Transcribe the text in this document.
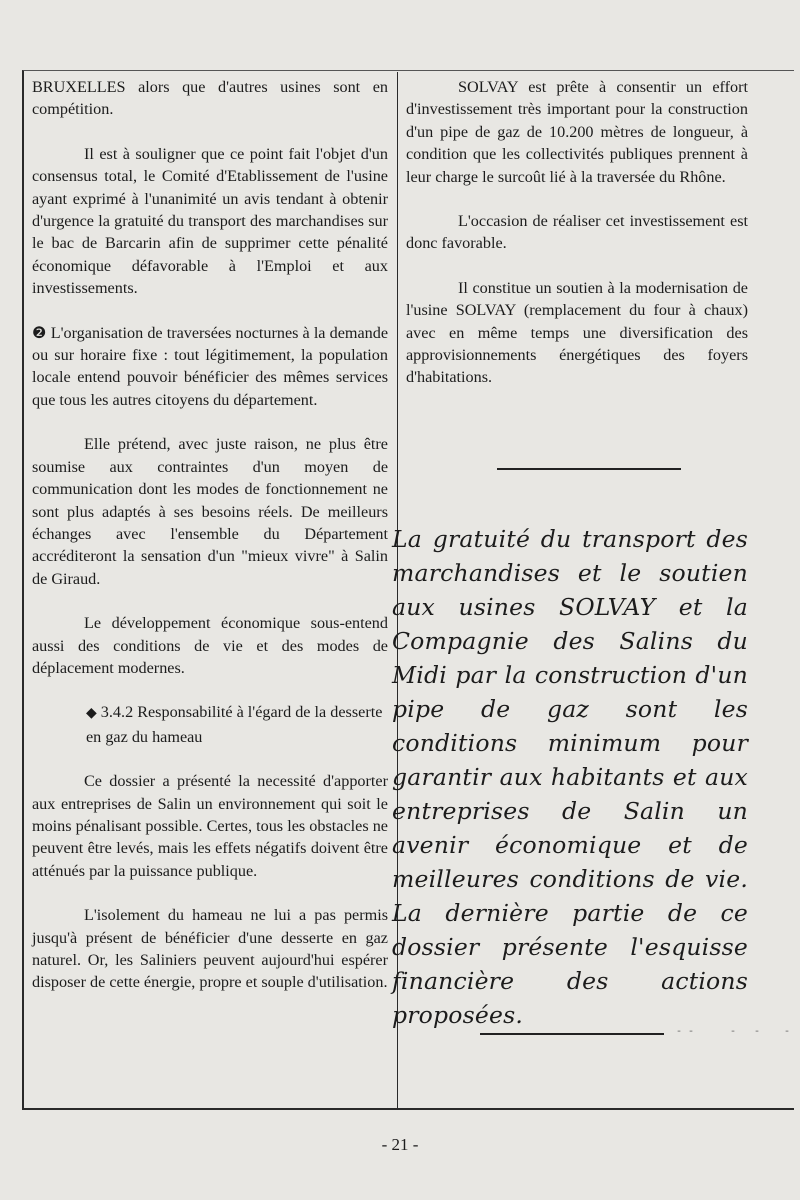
BRUXELLES alors que d'autres usines sont en compétition.

Il est à souligner que ce point fait l'objet d'un consensus total, le Comité d'Etablissement de l'usine ayant exprimé à l'unanimité un avis tendant à obtenir d'urgence la gratuité du transport des marchandises sur le bac de Barcarin afin de supprimer cette pénalité économique défavorable à l'Emploi et aux investissements.

❷ L'organisation de traversées nocturnes à la demande ou sur horaire fixe : tout légitimement, la population locale entend pouvoir bénéficier des mêmes services que tous les autres citoyens du département.

Elle prétend, avec juste raison, ne plus être soumise aux contraintes d'un moyen de communication dont les modes de fonctionnement ne sont plus adaptés à ses besoins réels. De meilleurs échanges avec l'ensemble du Département accréditeront la sensation d'un "mieux vivre" à Salin de Giraud.

Le développement économique sous-entend aussi des conditions de vie et des modes de déplacement modernes.

◆ 3.4.2 Responsabilité à l'égard de la desserte en gaz du hameau

Ce dossier a présenté la necessité d'apporter aux entreprises de Salin un environnement qui soit le moins pénalisant possible. Certes, tous les obstacles ne peuvent être levés, mais les effets négatifs doivent être atténués par la puissance publique.

L'isolement du hameau ne lui a pas permis jusqu'à présent de bénéficier d'une desserte en gaz naturel. Or, les Saliniers peuvent aujourd'hui espérer disposer de cette énergie, propre et souple d'utilisation.

SOLVAY est prête à consentir un effort d'investissement très important pour la construction d'un pipe de gaz de 10.200 mètres de longueur, à condition que les collectivités publiques prennent à leur charge le surcoût lié à la traversée du Rhône.

L'occasion de réaliser cet investissement est donc favorable.

Il constitue un soutien à la modernisation de l'usine SOLVAY (remplacement du four à chaux) avec en même temps une diversification des approvisionnements énergétiques des foyers d'habitations.

La gratuité du transport des marchandises et le soutien aux usines SOLVAY et la Compagnie des Salins du Midi par la construction d'un pipe de gaz sont les conditions minimum pour garantir aux habitants et aux entreprises de Salin un avenir économique et de meilleures conditions de vie. La dernière partie de ce dossier présente l'esquisse financière des actions proposées.
- -      -   -    -
- 21 -
